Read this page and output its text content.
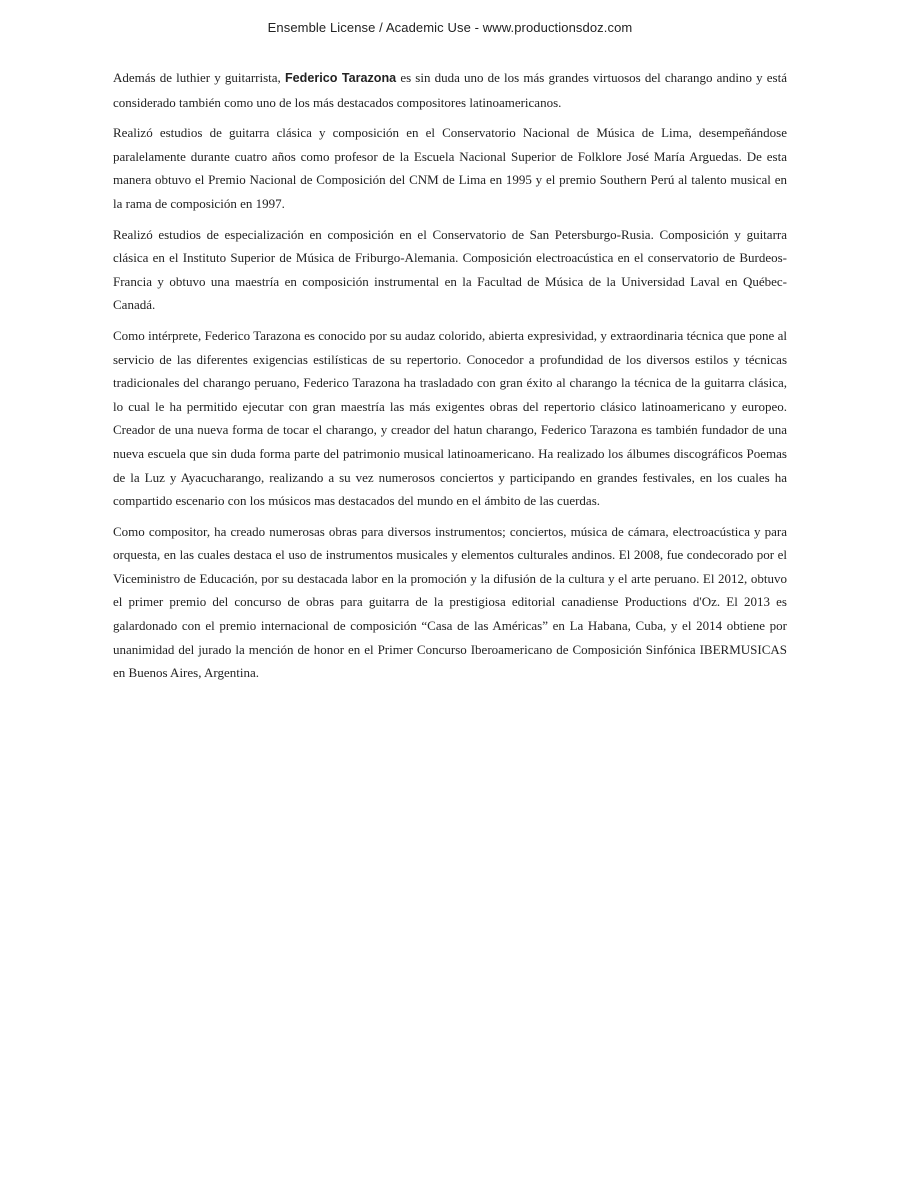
Ensemble License / Academic Use - www.productionsdoz.com

Además de luthier y guitarrista, Federico Tarazona es sin duda uno de los más grandes virtuosos del charango andino y está considerado también como uno de los más destacados compositores latinoamericanos.

Realizó estudios de guitarra clásica y composición en el Conservatorio Nacional de Música de Lima, desempeñándose paralelamente durante cuatro años como profesor de la Escuela Nacional Superior de Folklore José María Arguedas. De esta manera obtuvo el Premio Nacional de Composición del CNM de Lima en 1995 y el premio Southern Perú al talento musical en la rama de composición en 1997.

Realizó estudios de especialización en composición en el Conservatorio de San Petersburgo-Rusia. Composición y guitarra clásica en el Instituto Superior de Música de Friburgo-Alemania. Composición electroacústica en el conservatorio de Burdeos-Francia y obtuvo una maestría en composición instrumental en la Facultad de Música de la Universidad Laval en Québec-Canadá.

Como intérprete, Federico Tarazona es conocido por su audaz colorido, abierta expresividad, y extraordinaria técnica que pone al servicio de las diferentes exigencias estilísticas de su repertorio. Conocedor a profundidad de los diversos estilos y técnicas tradicionales del charango peruano, Federico Tarazona ha trasladado con gran éxito al charango la técnica de la guitarra clásica, lo cual le ha permitido ejecutar con gran maestría las más exigentes obras del repertorio clásico latinoamericano y europeo. Creador de una nueva forma de tocar el charango, y creador del hatun charango, Federico Tarazona es también fundador de una nueva escuela que sin duda forma parte del patrimonio musical latinoamericano. Ha realizado los álbumes discográficos Poemas de la Luz y Ayacucharango, realizando a su vez numerosos conciertos y participando en grandes festivales, en los cuales ha compartido escenario con los músicos mas destacados del mundo en el ámbito de las cuerdas.

Como compositor, ha creado numerosas obras para diversos instrumentos; conciertos, música de cámara, electroacústica y para orquesta, en las cuales destaca el uso de instrumentos musicales y elementos culturales andinos. El 2008, fue condecorado por el Viceministro de Educación, por su destacada labor en la promoción y la difusión de la cultura y el arte peruano. El 2012, obtuvo el primer premio del concurso de obras para guitarra de la prestigiosa editorial canadiense Productions d'Oz. El 2013 es galardonado con el premio internacional de composición “Casa de las Américas” en La Habana, Cuba, y el 2014 obtiene por unanimidad del jurado la mención de honor en el Primer Concurso Iberoamericano de Composición Sinfónica IBERMUSICAS en Buenos Aires, Argentina.
